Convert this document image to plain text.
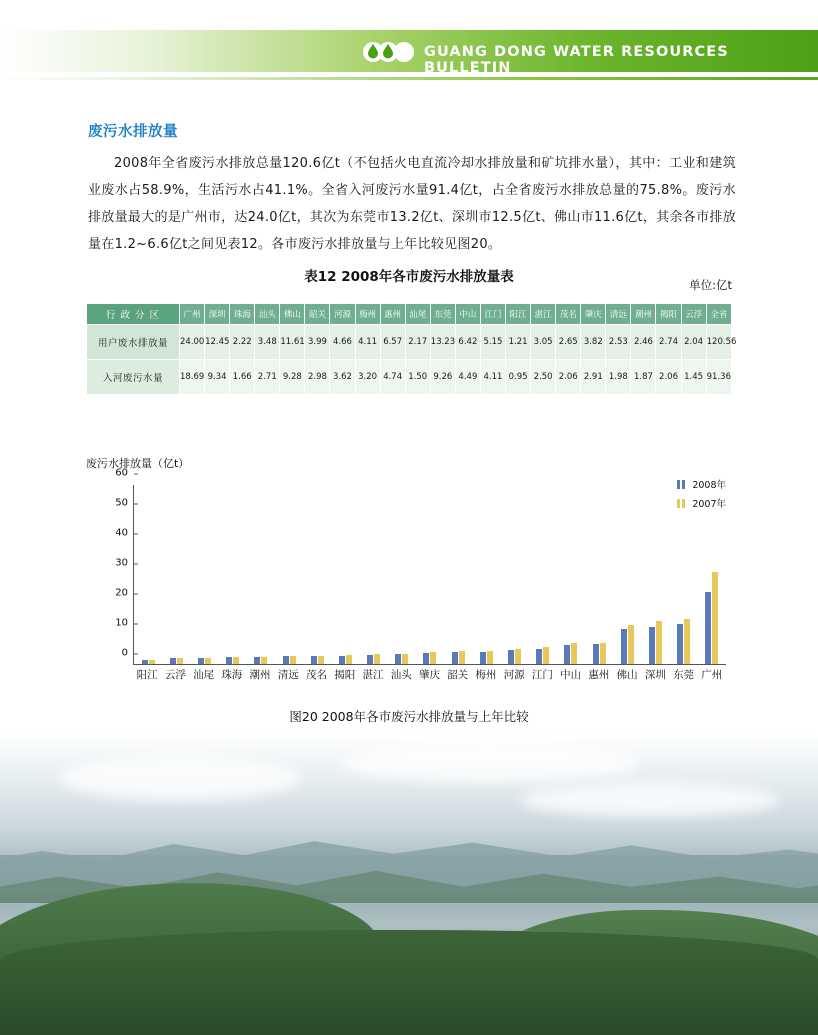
GUANG DONG WATER RESOURCES BULLETIN
废污水排放量
2008年全省废污水排放总量120.6亿t（不包括火电直流冷却水排放量和矿坑排水量），其中：工业和建筑业废水占58.9%，生活污水占41.1%。全省入河废污水量91.4亿t，占全省废污水排放总量的75.8%。废污水排放量最大的是广州市，达24.0亿t，其次为东莞市13.2亿t、深圳市12.5亿t、佛山市11.6亿t，其余各市排放量在1.2~6.6亿t之间见表12。各市废污水排放量与上年比较见图20。
表12 2008年各市废污水排放量表	单位:亿t
行 政 分 区	广州	深圳	珠海	汕头	佛山	韶关	河源	梅州	惠州	汕尾	东莞	中山	江门	阳江	湛江	茂名	肇庆	清远	潮州	揭阳	云浮	全省
用户废水排放量	24.00	12.45	2.22	3.48	11.61	3.99	4.66	4.11	6.57	2.17	13.23	6.42	5.15	1.21	3.05	2.65	3.82	2.53	2.46	2.74	2.04	120.56
入河废污水量	18.69	9.34	1.66	2.71	9.28	2.98	3.62	3.20	4.74	1.50	9.26	4.49	4.11	0.95	2.50	2.06	2.91	1.98	1.87	2.06	1.45	91.36
废污水排放量（亿t）
2008年
2007年
0
10
20
30
40
50
60
阳江 云浮 汕尾 珠海 潮州 清远 茂名 揭阳 湛江 汕头 肇庆 韶关 梅州 河源 江门 中山 惠州 佛山 深圳 东莞 广州
图20 2008年各市废污水排放量与上年比较
